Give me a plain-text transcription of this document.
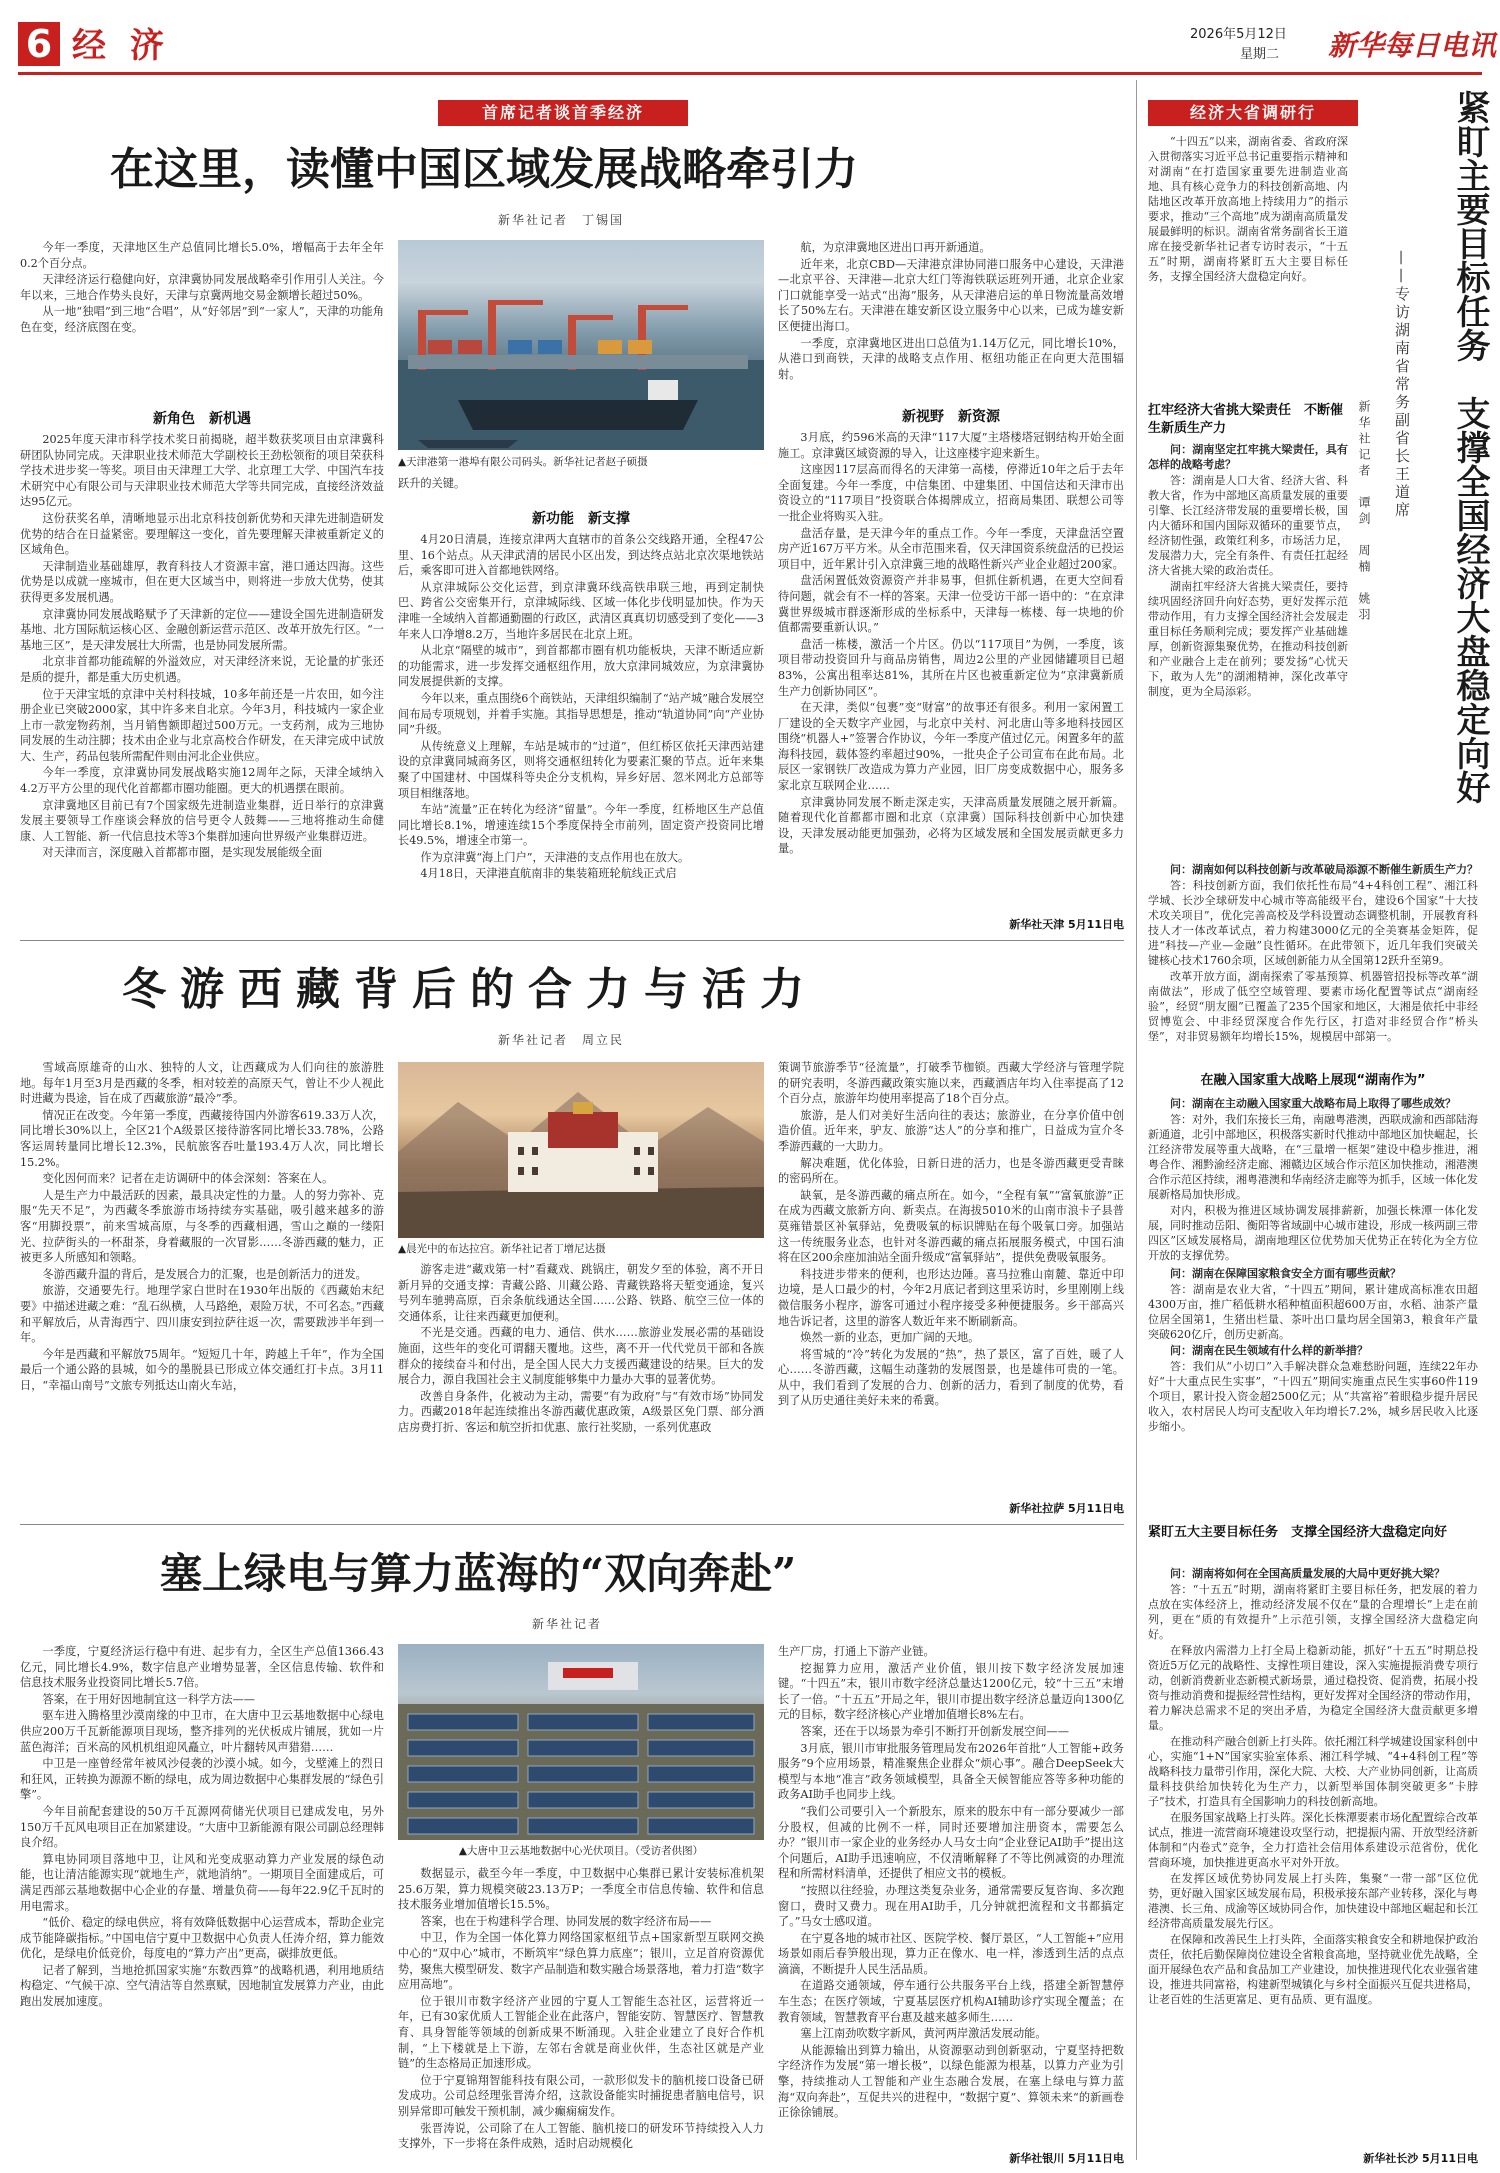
6 经 济	2026年5月12日
星期二 新华每日电讯
首席记者谈首季经济	经济大省调研行
在这里，读懂中国区域发展战略牵引力
新华社记者　丁锡国

今年一季度，天津地区生产总值同比增长5.0%，增幅高于去年全年0.2个百分点。

天津经济运行稳健向好，京津冀协同发展战略牵引作用引人关注。今年以来，三地合作势头良好，天津与京冀两地交易金额增长超过50%。

从一地“独唱”到三地“合唱”，从“好邻居”到“一家人”，天津的功能角色在变，经济底图在变。

新角色　新机遇

2025年度天津市科学技术奖日前揭晓，超半数获奖项目由京津冀科研团队协同完成。天津职业技术师范大学副校长王劲松领衔的项目荣获科学技术进步奖一等奖。项目由天津理工大学、北京理工大学、中国汽车技术研究中心有限公司与天津职业技术师范大学等共同完成，直接经济效益达95亿元。

这份获奖名单，清晰地显示出北京科技创新优势和天津先进制造研发优势的结合在日益紧密。要理解这一变化，首先要理解天津被重新定义的区域角色。

天津制造业基础雄厚，教育科技人才资源丰富，港口通达四海。这些优势是以成就一座城市，但在更大区域当中，则将进一步放大优势，使其获得更多发展机遇。

京津冀协同发展战略赋予了天津新的定位——建设全国先进制造研发基地、北方国际航运核心区、金融创新运营示范区、改革开放先行区。“一基地三区”，是天津发展壮大所需，也是协同发展所需。

北京非首都功能疏解的外溢效应，对天津经济来说，无论量的扩张还是质的提升，都是重大历史机遇。

位于天津宝坻的京津中关村科技城，10多年前还是一片农田，如今注册企业已突破2000家，其中许多来自北京。今年3月，科技城内一家企业上市一款宠物药剂，当月销售额即超过500万元。一支药剂，成为三地协同发展的生动注脚；技术由企业与北京高校合作研发，在天津完成中试放大、生产，药品包装所需配件则由河北企业供应。

今年一季度，京津冀协同发展战略实施12周年之际，天津全域纳入4.2万平方公里的现代化首都都市圈功能圈。更大的机遇摆在眼前。

京津冀地区目前已有7个国家级先进制造业集群，近日举行的京津冀发展主要领导工作座谈会释放的信号更令人鼓舞——三地将推动生命健康、人工智能、新一代信息技术等3个集群加速向世界级产业集群迈进。

对天津而言，深度融入首都都市圈，是实现发展能级全面

▲天津港第一港埠有限公司码头。新华社记者赵子硕摄

跃升的关键。

新功能　新支撑

4月20日清晨，连接京津两大直辖市的首条公交线路开通，全程47公里、16个站点。从天津武清的居民小区出发，到达终点站北京次渠地铁站后，乘客即可进入首都地铁网络。

从京津城际公交化运营，到京津冀环线高铁串联三地，再到定制快巴、跨省公交密集开行，京津城际线、区域一体化步伐明显加快。作为天津唯一全域纳入首都通勤圈的行政区，武清区真真切切感受到了变化——3年来人口净增8.2万，当地许多居民在北京上班。

从北京“隔壁的城市”，到首都都市圈有机功能板块，天津不断适应新的功能需求，进一步发挥交通枢纽作用，放大京津同城效应，为京津冀协同发展提供新的支撑。

今年以来，重点围绕6个商铁站，天津组织编制了“站产城”融合发展空间布局专项规划，并着手实施。其指导思想是，推动“轨道协同”向“产业协同”升级。

从传统意义上理解，车站是城市的“过道”，但红桥区依托天津西站建设的京津冀同城商务区，则将交通枢纽转化为要素汇聚的节点。近年来集聚了中国建材、中国煤科等央企分支机构，异乡好居、忽米网北方总部等项目相继落地。

车站“流量”正在转化为经济“留量”。今年一季度，红桥地区生产总值同比增长8.1%，增速连续15个季度保持全市前列，固定资产投资同比增长49.5%，增速全市第一。

作为京津冀“海上门户”，天津港的支点作用也在放大。

4月18日，天津港直航南非的集装箱班轮航线正式启

航，为京津冀地区进出口再开新通道。

近年来，北京CBD—天津港京津协同港口服务中心建设，天津港—北京平谷、天津港—北京大红门等海铁联运班列开通，北京企业家门口就能享受一站式“出海”服务，从天津港启运的单日物流量高效增长了50%左右。天津港在雄安新区设立服务中心以来，已成为雄安新区便捷出海口。

一季度，京津冀地区进出口总值为1.14万亿元，同比增长10%，从港口到商铁，天津的战略支点作用、枢纽功能正在向更大范围辐射。

新视野　新资源

3月底，约596米高的天津“117大厦”主塔楼塔冠钢结构开始全面施工。京津冀区域资源的导入，让这座楼宇迎来新生。

这座因117层高而得名的天津第一高楼，停滞近10年之后于去年全面复建。今年一季度，中信集团、中建集团、中国信达和天津市出资设立的“117项目”投资联合体揭牌成立，招商局集团、联想公司等一批企业将购买入驻。

盘活存量，是天津今年的重点工作。今年一季度，天津盘活空置房产近167万平方米。从全市范围来看，仅天津国资系统盘活的已投运项目中，近年累计引入京津冀三地的战略性新兴产业企业超过200家。

盘活闲置低效资源资产并非易事，但抓住新机遇，在更大空间看待问题，就会有不一样的答案。天津一位受访干部一语中的：“在京津冀世界级城市群逐渐形成的坐标系中，天津每一栋楼、每一块地的价值都需要重新认识。”

盘活一栋楼，激活一个片区。仍以“117项目”为例，一季度，该项目带动投资回升与商品房销售，周边2公里的产业园储罐项目已超83%，公寓出租率达81%，其所在片区也被重新定位为“京津冀新质生产力创新协同区”。

在天津，类似“包裹”变“财富”的故事还有很多。利用一家闲置工厂建设的全天数字产业园，与北京中关村、河北唐山等多地科技园区围绕“机器人+”签署合作协议，今年一季度产值过亿元。闲置多年的蓝海科技园，载体签约率超过90%，一批央企子公司宣布在此布局。北辰区一家钢铁厂改造成为算力产业园，旧厂房变成数据中心，服务多家北京互联网企业……

京津冀协同发展不断走深走实，天津高质量发展随之展开新篇。随着现代化首都都市圈和北京（京津冀）国际科技创新中心加快建设，天津发展动能更加强劲，必将为区域发展和全国发展贡献更多力量。

新华社天津 5月11日电
冬游西藏背后的合力与活力
新华社记者　周立民

雪域高原雄奇的山水、独特的人文，让西藏成为人们向往的旅游胜地。每年1月至3月是西藏的冬季，相对较差的高原天气，曾让不少人视此时进藏为畏途，旨在成了西藏旅游“最冷”季。

情况正在改变。今年第一季度，西藏接待国内外游客619.33万人次，同比增长30%以上，全区21个A级景区接待游客同比增长33.78%，公路客运周转量同比增长12.3%，民航旅客吞吐量193.4万人次，同比增长15.2%。

变化因何而来？记者在走访调研中的体会深刻：答案在人。

人是生产力中最活跃的因素，最具决定性的力量。人的努力弥补、克服“先天不足”，为西藏冬季旅游市场持续夯实基础，吸引越来越多的游客“用脚投票”，前来雪城高原，与冬季的西藏相遇，雪山之巅的一缕阳光、拉萨街头的一杯甜茶，身着藏服的一次冒影……冬游西藏的魅力，正被更多人所感知和领略。

冬游西藏升温的背后，是发展合力的汇聚，也是创新活力的迸发。

旅游，交通要先行。地理学家白世时在1930年出版的《西藏始末纪要》中描述进藏之难：“乱石纵横，人马路绝，艰险万状，不可名态。”西藏和平解放后，从青海西宁、四川康安到拉萨往返一次，需要跋涉半年到一年。

今年是西藏和平解放75周年。“短短几十年，跨越上千年”，作为全国最后一个通公路的县城，如今的墨脱县已形成立体交通红打卡点。3月11日，“幸福山南号”文旅专列抵达山南火车站，

▲晨光中的布达拉宫。新华社记者丁增尼达摄

游客走进“藏戏第一村”看藏戏、跳锅庄，朝发夕至的体验，离不开日新月异的交通支撑：青藏公路、川藏公路、青藏铁路将天堑变通途，复兴号列车驰骋高原，百余条航线通达全国……公路、铁路、航空三位一体的交通体系，让往来西藏更加便利。

不光是交通。西藏的电力、通信、供水……旅游业发展必需的基础设施面，这些年的变化可谓翻天覆地。这些，离不开一代代党员干部和各族群众的接续奋斗和付出，是全国人民大力支援西藏建设的结果。巨大的发展合力，源自我国社会主义制度能够集中力量办大事的显著优势。

改善自身条件，化被动为主动，需要“有为政府”与“有效市场”协同发力。西藏2018年起连续推出冬游西藏优惠政策，A级景区免门票、部分酒店房费打折、客运和航空折扣优惠、旅行社奖励，一系列优惠政

策调节旅游季节“径流量”，打破季节枷锁。西藏大学经济与管理学院的研究表明，冬游西藏政策实施以来，西藏酒店年均入住率提高了12个百分点，旅游年均使用率提高了18个百分点。

旅游，是人们对美好生活向往的表达；旅游业，在分享价值中创造价值。近年来，驴友、旅游“达人”的分享和推广，日益成为宣介冬季游西藏的一大助力。

解决难题，优化体验，日新日进的活力，也是冬游西藏更受青睐的密码所在。

缺氧，是冬游西藏的痛点所在。如今，“全程有氧”“富氧旅游”正在成为西藏文旅新方向、新卖点。在海拔5010米的山南市浪卡子县普莫雍错景区补氧驿站，免费吸氧的标识牌贴在每个吸氧口旁。加强站这一传统服务业态，也针对冬游西藏的痛点拓展服务模式，中国石油将在区200余座加油站全面升级成“富氧驿站”，提供免费吸氧服务。

科技进步带来的便利，也形达边陲。喜马拉雅山南麓、靠近中印边境，是人口最少的村，今年2月底记者到这里采访时，乡里刚刚上线微信服务小程序，游客可通过小程序接受多种便捷服务。乡干部高兴地告诉记者，这里的游客人数近年来不断刷新高。

焕然一新的业态，更加广阔的天地。

将雪城的“冷”转化为发展的“热”，热了景区，富了百姓，暖了人心……冬游西藏，这幅生动蓬勃的发展图景，也是雄伟可贵的一笔。从中，我们看到了发展的合力、创新的活力，看到了制度的优势，看到了从历史通往美好未来的希冀。

新华社拉萨 5月11日电
塞上绿电与算力蓝海的“双向奔赴”
新华社记者

一季度，宁夏经济运行稳中有进、起步有力，全区生产总值1366.43亿元，同比增长4.9%，数字信息产业增势显著，全区信息传输、软件和信息技术服务业投资同比增长5.7倍。

答案，在于用好因地制宜这一科学方法——

驱车进入腾格里沙漠南缘的中卫市，在大唐中卫云基地数据中心绿电供应200万千瓦新能源项目现场，整齐排列的光伏板成片铺展，犹如一片蓝色海洋；百米高的风机机组迎风矗立，叶片翻转风声猎猎……

中卫是一座曾经常年被风沙侵袭的沙漠小城。如今，戈壁滩上的烈日和狂风，正转换为源源不断的绿电，成为周边数据中心集群发展的“绿色引擎”。

今年目前配套建设的50万千瓦源网荷储光伏项目已建成发电，另外150万千瓦风电项目正在加紧建设。“大唐中卫新能源有限公司副总经理韩良介绍。

算电协同项目落地中卫，让风和光变成驱动算力产业发展的绿色动能，也让清洁能源实现“就地生产，就地消纳”。一期项目全面建成后，可满足西部云基地数据中心企业的存量、增量负荷——每年22.9亿千瓦时的用电需求。

“低价、稳定的绿电供应，将有效降低数据中心运营成本，帮助企业完成节能降碳指标。”中国电信宁夏中卫数据中心负责人任涛介绍，算力能效优化，是绿电价低竞价，每度电的“算力产出”更高，碳排放更低。

记者了解到，当地抢抓国家实施“东数西算”的战略机遇，利用地质结构稳定、“气候干凉、空气清洁等自然禀赋，因地制宜发展算力产业，由此跑出发展加速度。

▲大唐中卫云基地数据中心光伏项目。（受访者供图）

数据显示，截至今年一季度，中卫数据中心集群已累计安装标准机架25.6万架，算力规模突破23.13万P；一季度全市信息传输、软件和信息技术服务业增加值增长15.5%。

答案，也在于构建科学合理、协同发展的数字经济布局——

中卫，作为全国一体化算力网络国家枢纽节点+国家新型互联网交换中心的“双中心”城市，不断筑牢“绿色算力底座”；银川，立足首府资源优势，聚焦大模型研发、数字产品制造和数实融合场景落地，着力打造“数字应用高地”。

位于银川市数字经济产业园的宁夏人工智能生态社区，运营将近一年，已有30家优质人工智能企业在此落户，智能安防、智慧医疗、智慧教育、具身智能等领域的创新成果不断涌现。入驻企业建立了良好合作机制，“上下楼就是上下游，左邻右舍就是商业伙伴，生态社区就是产业链”的生态格局正加速形成。

位于宁夏锦翔智能科技有限公司，一款形似发卡的脑机接口设备已研发成功。公司总经理张晋涛介绍，这款设备能实时捕捉患者脑电信号，识别异常即可触发干预机制，减少癫痫痫发作。

张晋涛说，公司除了在人工智能、脑机接口的研发环节持续投入人力支撑外，下一步将在条件成熟，适时启动规模化

生产厂房，打通上下游产业链。

挖掘算力应用，激活产业价值，银川按下数字经济发展加速键。“十四五”末，银川市数字经济总量达1200亿元，较“十三五”末增长了一倍。“十五五”开局之年，银川市提出数字经济总量迈向1300亿元的目标，数字经济核心产业增加值增长8%左右。

答案，还在于以场景为牵引不断打开创新发展空间——

3月底，银川市审批服务管理局发布2026年首批“人工智能+政务服务”9个应用场景，精准聚焦企业群众“烦心事”。融合DeepSeek大模型与本地“准言”政务领域模型，具备全天候智能应答等多种功能的政务AI助手也同步上线。

“我们公司要引入一个新股东，原来的股东中有一部分要减少一部分股权，但减的比例不一样，同时还要增加注册资本，需要怎么办？”银川市一家企业的业务经办人马女士向“企业登记AI助手”提出这个问题后，AI助手迅速响应，不仅清晰解释了不等比例减资的办理流程和所需材料清单，还提供了相应文书的模板。

“按照以往经验，办理这类复杂业务，通常需要反复咨询、多次跑窗口，费时又费力。现在用AI助手，几分钟就把流程和文书都搞定了。”马女士感叹道。

在宁夏各地的城市社区、医院学校、餐厅景区，“人工智能+”应用场景如雨后春笋般出现，算力正在像水、电一样，渗透到生活的点点滴滴，不断提升人民生活品质。

在道路交通领域，停车通行公共服务平台上线，搭建全新智慧停车生态；在医疗领域，宁夏基层医疗机构AI辅助诊疗实现全覆盖；在教育领域，智慧教育平台惠及越来越多师生……

塞上江南劲吹数字新风，黄河两岸激活发展动能。

从能源输出到算力输出，从资源驱动到创新驱动，宁夏坚持把数字经济作为发展“第一增长极”，以绿色能源为根基，以算力产业为引擎，持续推动人工智能和产业生态融合发展，在塞上绿电与算力蓝海“双向奔赴”，互促共兴的进程中，“数据宁夏”、算领未来“的新画卷正徐徐铺展。

新华社银川 5月11日电
紧盯主要目标任务　支撑全国经济大盘稳定向好
——专访湖南省常务副省长王道席
新华社记者　谭剑　周楠　姚羽

“十四五”以来，湖南省委、省政府深入贯彻落实习近平总书记重要指示精神和对湖南“在打造国家重要先进制造业高地、具有核心竞争力的科技创新高地、内陆地区改革开放高地上持续用力”的指示要求，推动“三个高地”成为湖南高质量发展最鲜明的标识。湖南省常务副省长王道席在接受新华社记者专访时表示，“十五五”时期，湖南将紧盯五大主要目标任务，支撑全国经济大盘稳定向好。

扛牢经济大省挑大梁责任　不断催生新质生产力

问：湖南坚定扛牢挑大梁责任，具有怎样的战略考虑？

答：湖南是人口大省、经济大省、科教大省，作为中部地区高质量发展的重要引擎、长江经济带发展的重要增长极，国内大循环和国内国际双循环的重要节点，经济韧性强，政策红利多，市场活力足，发展潜力大，完全有条件、有责任扛起经济大省挑大梁的政治责任。

湖南扛牢经济大省挑大梁责任，要持续巩固经济回升向好态势，更好发挥示范带动作用，有力支撑全国经济社会发展走重目标任务顺利完成；要发挥产业基础雄厚，创新资源集聚优势，在推动科技创新和产业融合上走在前列；要发扬“心忧天下，敢为人先”的湖湘精神，深化改革守制度，更为全局添彩。

问：湖南如何以科技创新与改革破局添源不断催生新质生产力？

答：科技创新方面，我们依托性布局“4+4科创工程”、湘江科学城、长沙全球研发中心城市等高能级平台，建设6个国家“十大技术攻关项目”，优化完善高校及学科设置动态调整机制，开展教育科技人才一体改革试点，着力构建3000亿元的全美赛基金矩阵，促进“科技—产业—金融”良性循环。在此带领下，近几年我们突破关键核心技术1760余项，区域创新能力从全国第12跃升至第9。

改革开放方面，湖南探索了零基预算、机器管招投标等改革“湖南做法”，形成了低空空域管理、要素市场化配置等试点“湖南经验”，经贸“朋友圈”已覆盖了235个国家和地区，大湘是依托中非经贸博览会、中非经贸深度合作先行区，打造对非经贸合作“桥头堡”，对非贸易额年均增长15%，规模居中部第一。

在融入国家重大战略上展现“湖南作为”

问：湖南在主动融入国家重大战略布局上取得了哪些成效？

答：对外，我们东接长三角，南融粤港澳，西联成渝和西部陆海新通道，北引中部地区，积极落实新时代推动中部地区加快崛起，长江经济带发展等重大战略，在“三量增一框架”建设中稳步推进，湘粤合作、湘黔渝经济走廊、湘赣边区域合作示范区加快推动，湘港澳合作示范区持续，湘粤港澳和华南经济走廊等为抓手，区域一体化发展新格局加快形成。

对内，积极为推进区域协调发展排薪新，加强长株潭一体化发展，同时推动岳阳、衡阳等省域副中心城市建设，形成一核两副三带四区”区域发展格局，湖南地理区位优势加天优势正在转化为全方位开放的支撑优势。

问：湖南在保障国家粮食安全方面有哪些贡献？

答：湖南是农业大省，“十四五”期间，累计建成高标准农田超4300万亩，推广稻低耕水稻种植面积超600万亩，水稻、油茶产量位居全国第1，生猪出栏量、茶叶出口量均居全国第3，粮食年产量突破620亿斤，创历史新高。

问：湖南在民生领域有什么样的新举措？

答：我们从“小切口”入手解决群众急难愁盼问题，连续22年办好“十大重点民生实事”，“十四五”期间实施重点民生实事60件119个项目，累计投入资金超2500亿元；从“共富裕”着眼稳步提升居民收入，农村居民人均可支配收入年均增长7.2%，城乡居民收入比逐步缩小。

紧盯五大主要目标任务　支撑全国经济大盘稳定向好

问：湖南将如何在全国高质量发展的大局中更好挑大梁？

答：“十五五”时期，湖南将紧盯主要目标任务，把发展的着力点放在实体经济上，推动经济发展不仅在“量的合理增长”上走在前列，更在“质的有效提升”上示范引领，支撑全国经济大盘稳定向好。

在释放内需潜力上打全局上稳新动能，抓好“十五五”时期总投资近5万亿元的战略性、支撑性项目建设，深入实施提振消费专项行动，创新消费新业态新模式新场景，通过稳投资、促消费，拓展小投资与推动消费和提振经营性结构，更好发挥对全国经济的带动作用，着力解决总需求不足的突出矛盾，为稳定全国经济大盘贡献更多增量。

在推动科产融合创新上打头阵。依托湘江科学城建设国家科创中心，实施“1+N”国家实验室体系、湘江科学城、“4+4科创工程”等战略科技力量带引作用，深化大院、大校、大产业协同创新，让高质量科技供给加快转化为生产力，以新型举国体制突破更多“卡脖子”技术，打造具有全国影响力的科技创新高地。

在服务国家战略上打头阵。深化长株潭要素市场化配置综合改革试点，推进一流营商环境建设攻坚行动，把提振内需、开放型经济新体制和“内卷式”竞争，全力打造社会信用体系建设示范省份，优化营商环境，加快推进更高水平对外开放。

在发挥区域优势协同发展上打头阵，集聚“一带一部”区位优势，更好融入国家区域发展布局，积极承接东部产业转移，深化与粤港澳、长三角、成渝等区域协同合作，加快建设中部地区崛起和长江经济带高质量发展先行区。

在保障和改善民生上打头阵，全面落实粮食安全和耕地保护政治责任，依托后勤保障岗位建设全省粮食高地，坚持就业优先战略，全面开展绿色农产品和食品加工产业建设，加快推进现代化农业强省建设，推进共同富裕，构建新型城镇化与乡村全面振兴互促共进格局，让老百姓的生活更富足、更有品质、更有温度。

新华社长沙 5月11日电
